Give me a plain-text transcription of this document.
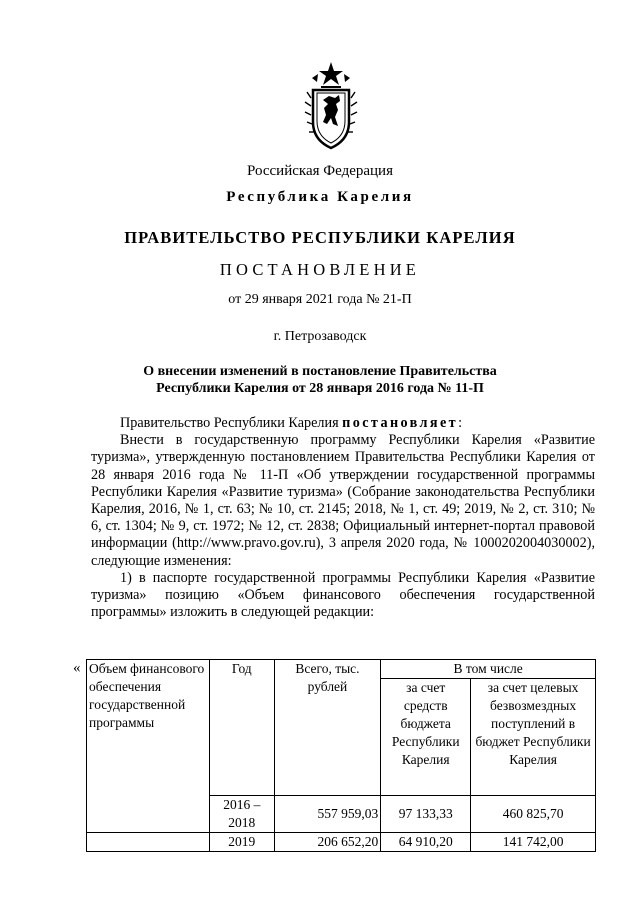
Российская Федерация
Республика Карелия
ПРАВИТЕЛЬСТВО РЕСПУБЛИКИ КАРЕЛИЯ
ПОСТАНОВЛЕНИЕ
от 29 января 2021 года № 21-П
г. Петрозаводск
О внесении изменений в постановление Правительства
Республики Карелия от 28 января 2016 года № 11-П

Правительство Республики Карелия постановляет:

Внести в государственную программу Республики Карелия «Развитие туризма», утвержденную постановлением Правительства Республики Карелия от 28 января 2016 года № 11-П «Об утверждении государственной программы Республики Карелия «Развитие туризма» (Собрание законодательства Республики Карелия, 2016, № 1, ст. 63; № 10, ст. 2145; 2018, № 1, ст. 49; 2019, № 2, ст. 310; № 6, ст. 1304; № 9, ст. 1972; № 12, ст. 2838; Официальный интернет-портал правовой информации (http://www.pravo.gov.ru), 3 апреля 2020 года, № 1000202004030002), следующие изменения:

1) в паспорте государственной программы Республики Карелия «Развитие туризма» позицию «Объем финансового обеспечения государственной программы» изложить в следующей редакции:

« Объем финансового обеспечения государственной программы	Год	Всего, тыс. рублей	В том числе	
			за счет средств бюджета Республики Карелия	за счет целевых безвозмездных поступлений в бюджет Республики Карелия
	2016 – 2018	557 959,03	97 133,33	460 825,70
	2019	206 652,20	64 910,20	141 742,00
